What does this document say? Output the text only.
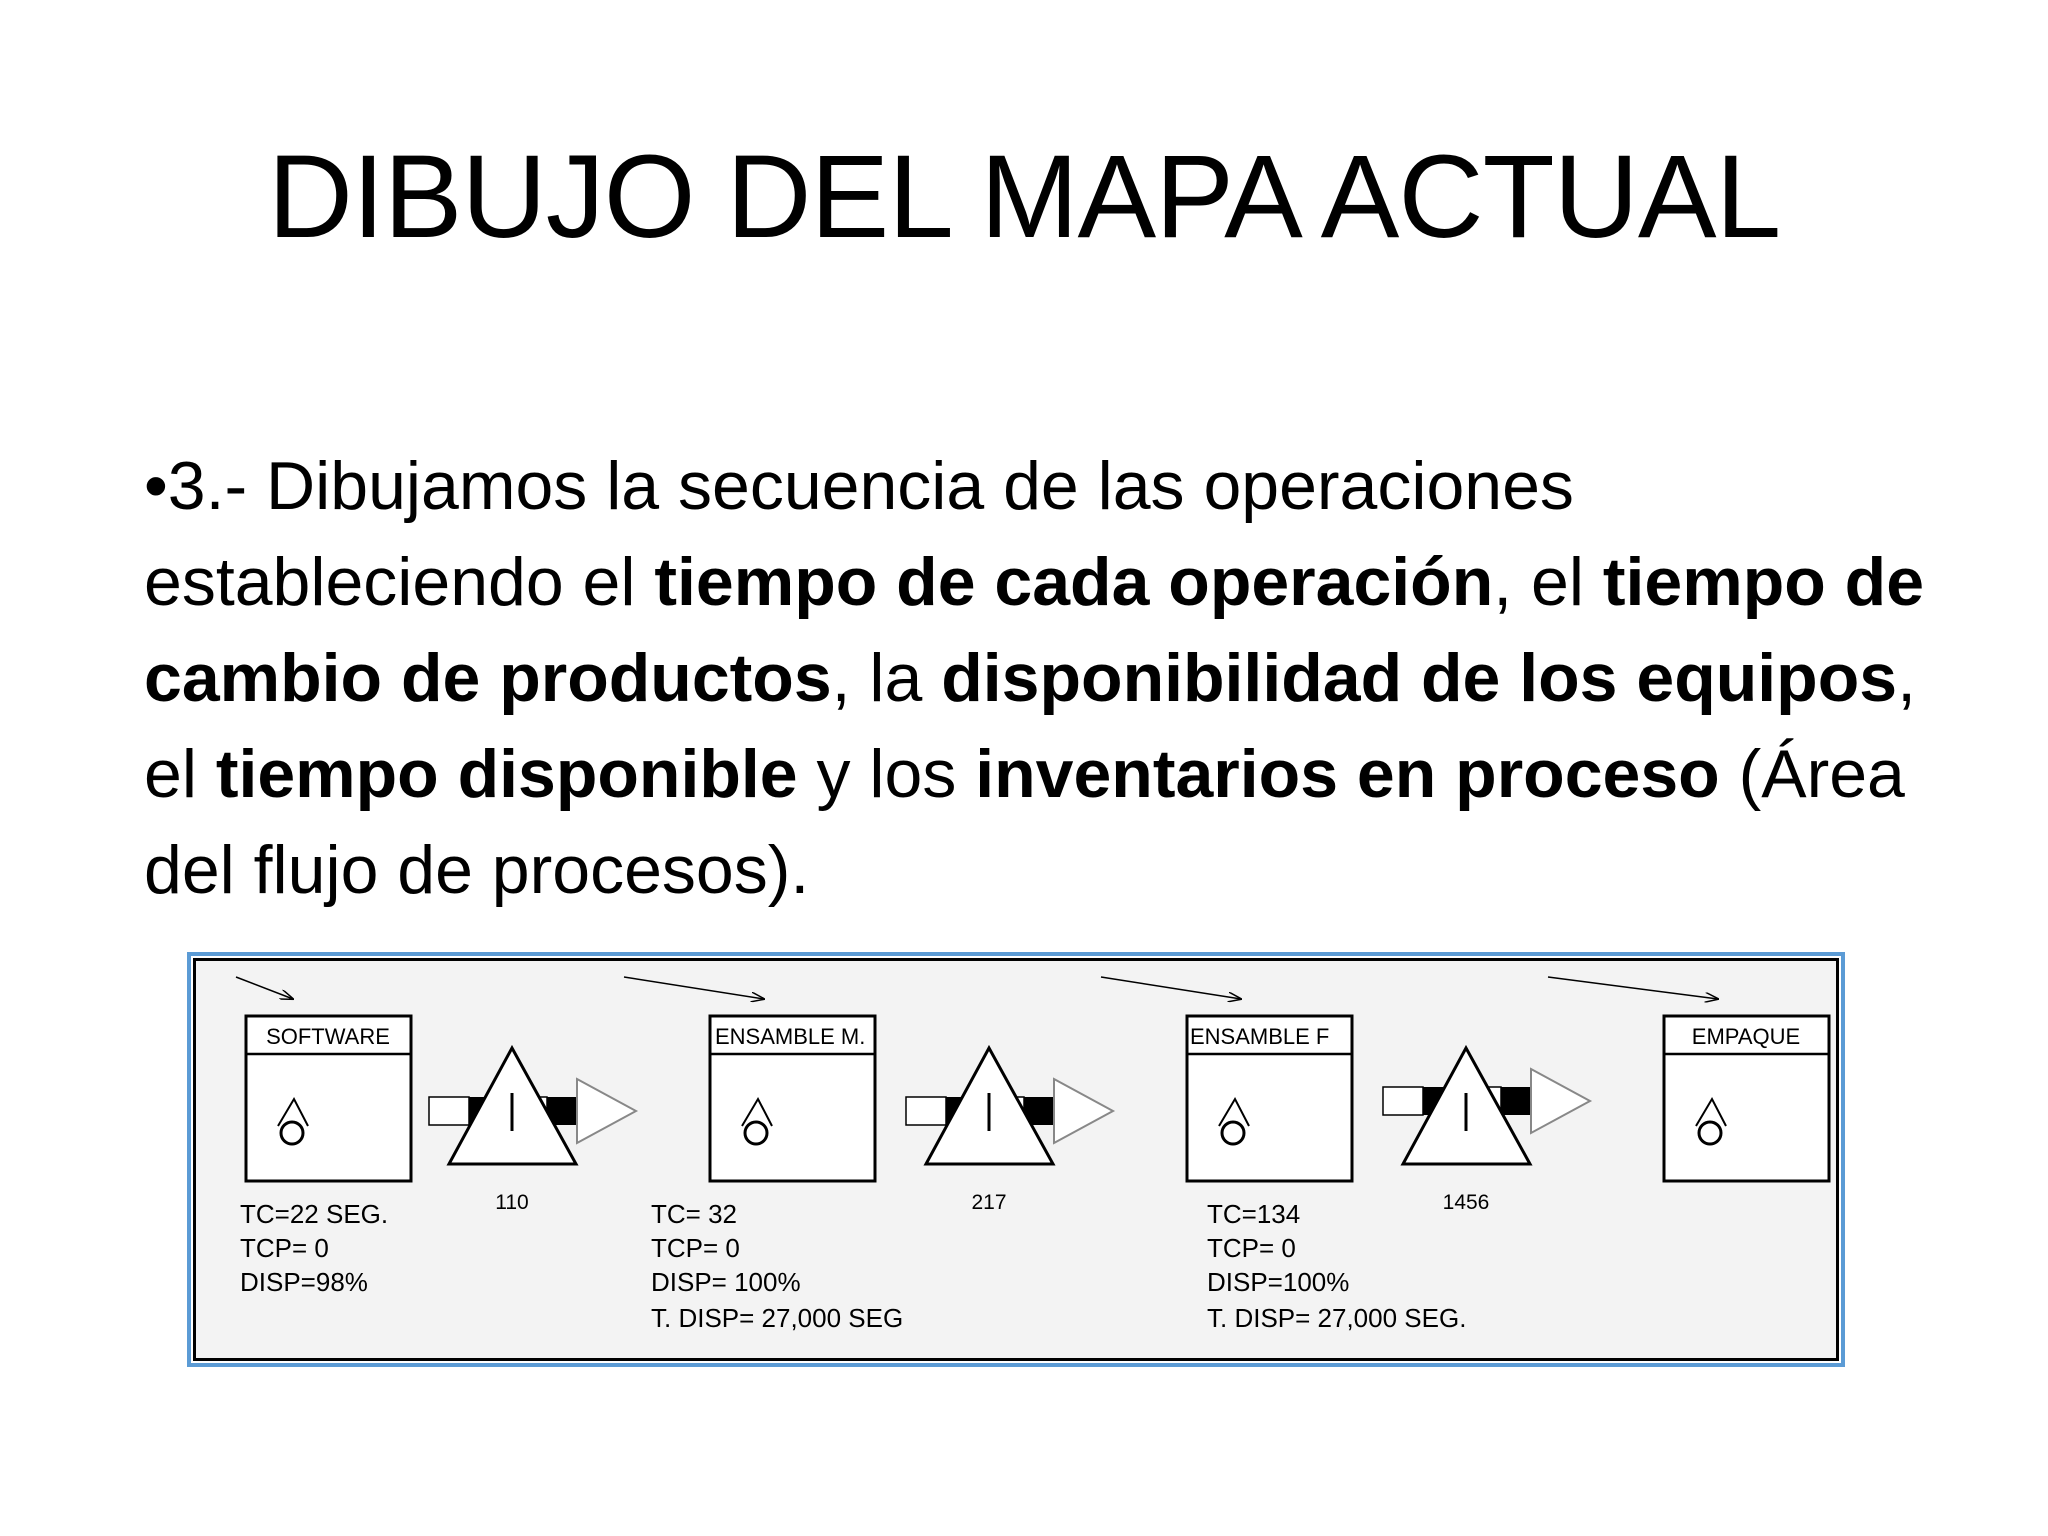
DIBUJO DEL MAPA ACTUAL

•3.- Dibujamos la secuencia de las operaciones estableciendo el tiempo de cada operación, el tiempo de cambio de productos, la disponibilidad de los equipos, el tiempo disponible y los inventarios en proceso (Área del flujo de procesos).

SOFTWARE
TC=22 SEG.
TCP= 0
DISP=98%
110
ENSAMBLE M.
TC= 32
TCP= 0
DISP= 100%
T. DISP= 27,000 SEG
217
ENSAMBLE F
TC=134
TCP= 0
DISP=100%
T. DISP= 27,000 SEG.
1456
EMPAQUE
